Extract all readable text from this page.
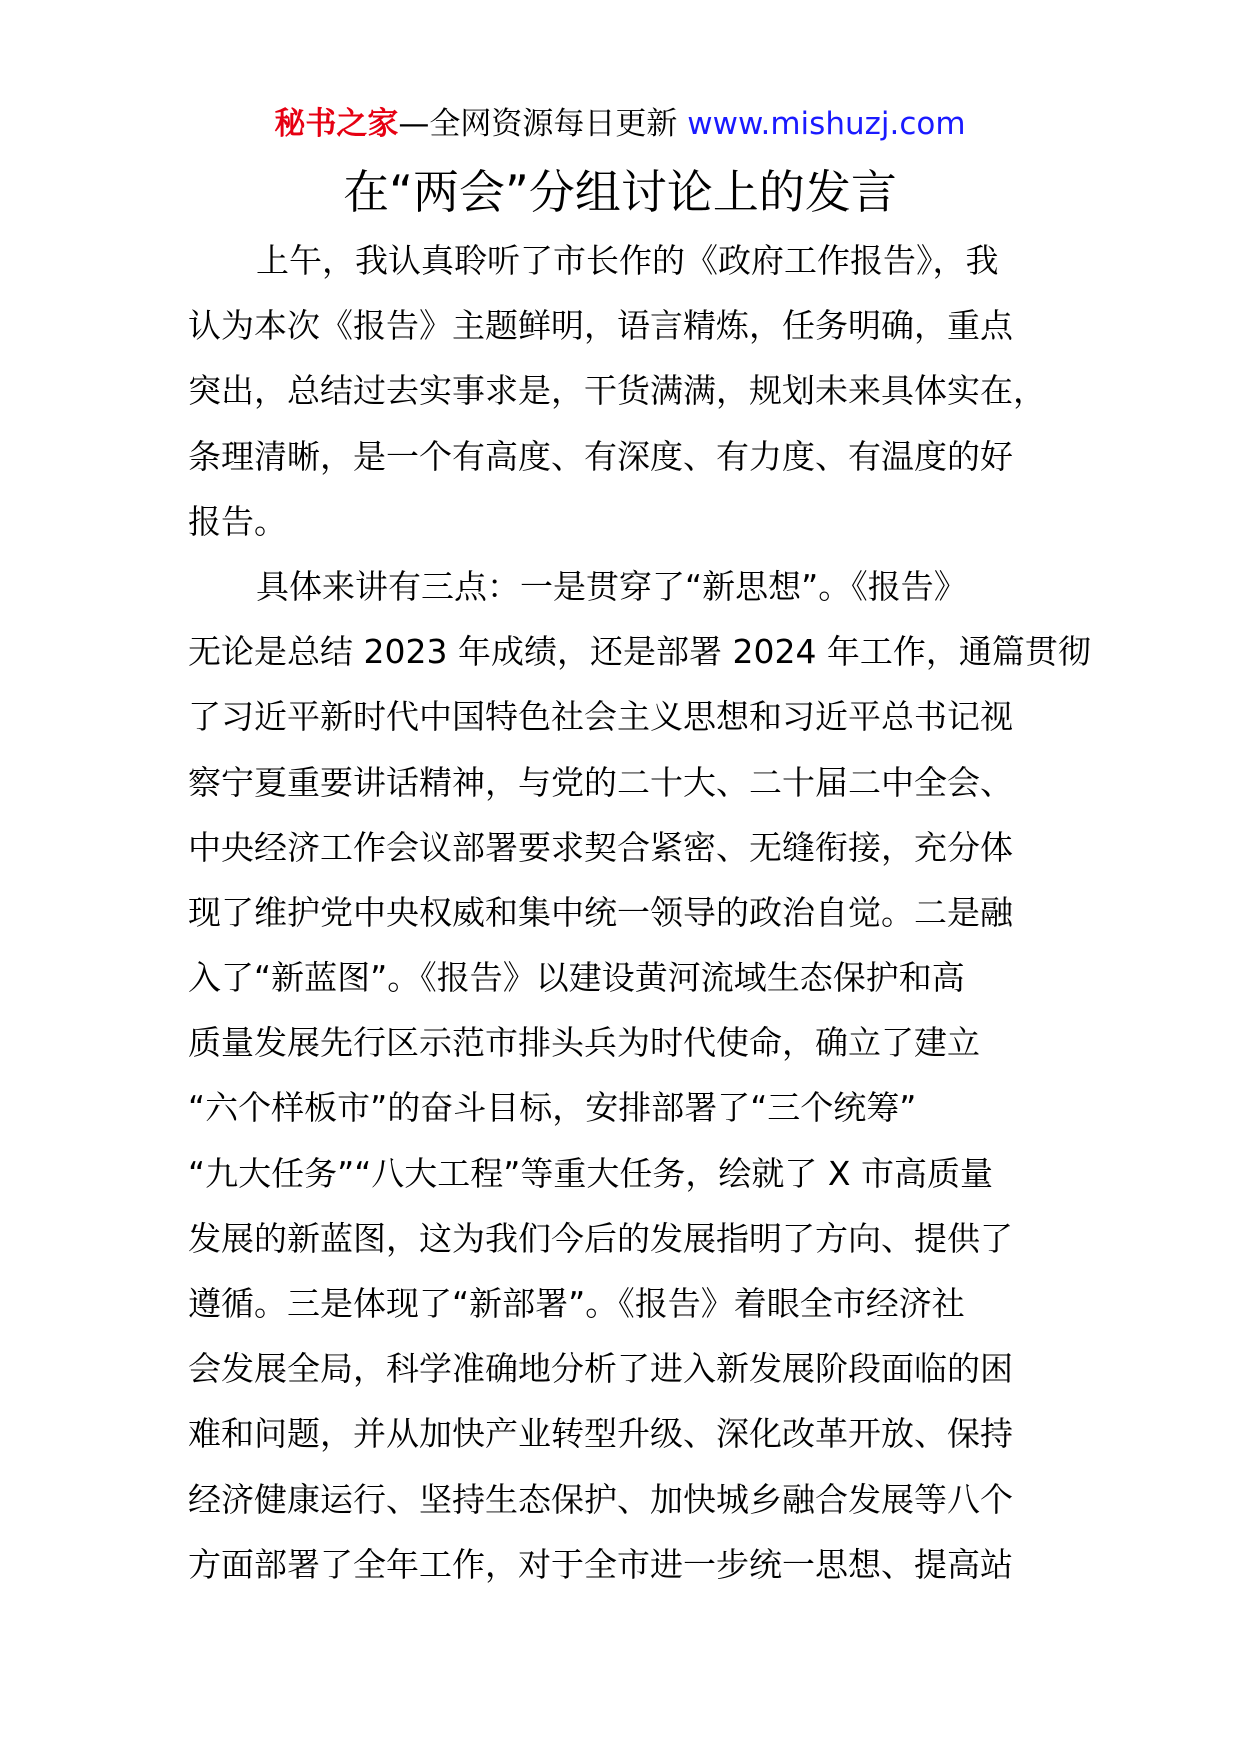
秘书之家—全网资源每日更新 www.mishuzj.com
在“两会”分组讨论上的发言
上午，我认真聆听了市长作的《政府工作报告》，我
认为本次《报告》主题鲜明，语言精炼，任务明确，重点
突出，总结过去实事求是，干货满满，规划未来具体实在，
条理清晰，是一个有高度、有深度、有力度、有温度的好
报告。
具体来讲有三点：一是贯穿了“新思想”。《报告》
无论是总结 2023 年成绩，还是部署 2024 年工作，通篇贯彻
了习近平新时代中国特色社会主义思想和习近平总书记视
察宁夏重要讲话精神，与党的二十大、二十届二中全会、
中央经济工作会议部署要求契合紧密、无缝衔接，充分体
现了维护党中央权威和集中统一领导的政治自觉。二是融
入了“新蓝图”。《报告》以建设黄河流域生态保护和高
质量发展先行区示范市排头兵为时代使命，确立了建立
“六个样板市”的奋斗目标，安排部署了“三个统筹”
“九大任务”“八大工程”等重大任务，绘就了 X 市高质量
发展的新蓝图，这为我们今后的发展指明了方向、提供了
遵循。三是体现了“新部署”。《报告》着眼全市经济社
会发展全局，科学准确地分析了进入新发展阶段面临的困
难和问题，并从加快产业转型升级、深化改革开放、保持
经济健康运行、坚持生态保护、加快城乡融合发展等八个
方面部署了全年工作，对于全市进一步统一思想、提高站
